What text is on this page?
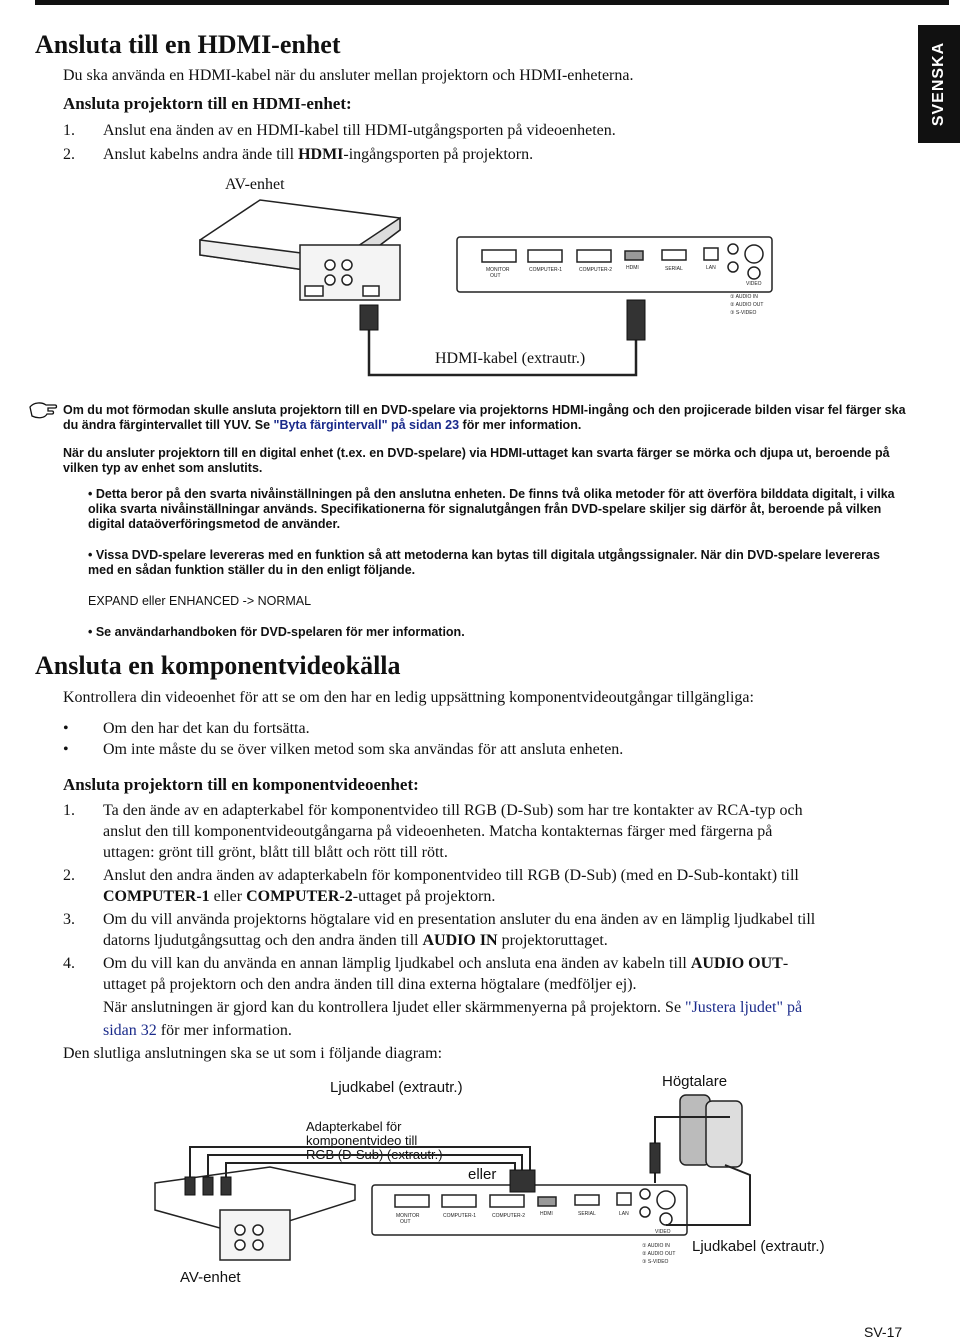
SVENSKA
Ansluta till en HDMI-enhet
Du ska använda en HDMI-kabel när du ansluter mellan projektorn och HDMI-enheterna.
Ansluta projektorn till en HDMI-enhet:
1. Anslut ena änden av en HDMI-kabel till HDMI-utgångsporten på videoenheten.
2. Anslut kabelns andra ände till HDMI-ingångsporten på projektorn.
AV-enhet
MONITOR
OUT
COMPUTER-1	COMPUTER-2	HDMI	SERIAL	LAN
VIDEO
① AUDIO IN
② AUDIO OUT
③ S-VIDEO
HDMI-kabel (extrautr.)
Om du mot förmodan skulle ansluta projektorn till en DVD-spelare via projektorns HDMI-ingång och den projicerade bilden visar fel färger ska du ändra färgintervallet till YUV. Se "Byta färgintervall" på sidan 23 för mer information.
När du ansluter projektorn till en digital enhet (t.ex. en DVD-spelare) via HDMI-uttaget kan svarta färger se mörka och djupa ut, beroende på vilken typ av enhet som anslutits.
• Detta beror på den svarta nivåinställningen på den anslutna enheten. De finns två olika metoder för att överföra bilddata digitalt, i vilka olika svarta nivåinställningar används. Specifikationerna för signalutgången från DVD-spelare skiljer sig därför åt, beroende på vilken digital dataöverföringsmetod de använder.
• Vissa DVD-spelare levereras med en funktion så att metoderna kan bytas till digitala utgångssignaler. När din DVD-spelare levereras med en sådan funktion ställer du in den enligt följande.
EXPAND eller ENHANCED -> NORMAL
• Se användarhandboken för DVD-spelaren för mer information.
Ansluta en komponentvideokälla
Kontrollera din videoenhet för att se om den har en ledig uppsättning komponentvideoutgångar tillgängliga:
• Om den har det kan du fortsätta.
• Om inte måste du se över vilken metod som ska användas för att ansluta enheten.
Ansluta projektorn till en komponentvideoenhet:
1. Ta den ände av en adapterkabel för komponentvideo till RGB (D-Sub) som har tre kontakter av RCA-typ och
anslut den till komponentvideoutgångarna på videoenheten. Matcha kontakternas färger med färgerna på
uttagen: grönt till grönt, blått till blått och rött till rött.
2. Anslut den andra änden av adapterkabeln för komponentvideo till RGB (D-Sub) (med en D-Sub-kontakt) till
COMPUTER-1 eller COMPUTER-2-uttaget på projektorn.
3. Om du vill använda projektorns högtalare vid en presentation ansluter du ena änden av en lämplig ljudkabel till
datorns ljudutgångsuttag och den andra änden till AUDIO IN projektoruttaget.
4. Om du vill kan du använda en annan lämplig ljudkabel och ansluta ena änden av kabeln till AUDIO OUT-
uttaget på projektorn och den andra änden till dina externa högtalare (medföljer ej).
När anslutningen är gjord kan du kontrollera ljudet eller skärmmenyerna på projektorn. Se "Justera ljudet" på
sidan 32 för mer information.
Den slutliga anslutningen ska se ut som i följande diagram:
Ljudkabel (extrautr.)	Högtalare
Adapterkabel för
komponentvideo till
RGB (D-Sub) (extrautr.)
eller
Ljudkabel (extrautr.)
AV-enhet
MONITOR
OUT
COMPUTER-1	COMPUTER-2	HDMI	SERIAL	LAN
VIDEO
① AUDIO IN
② AUDIO OUT
③ S-VIDEO
SV-17
